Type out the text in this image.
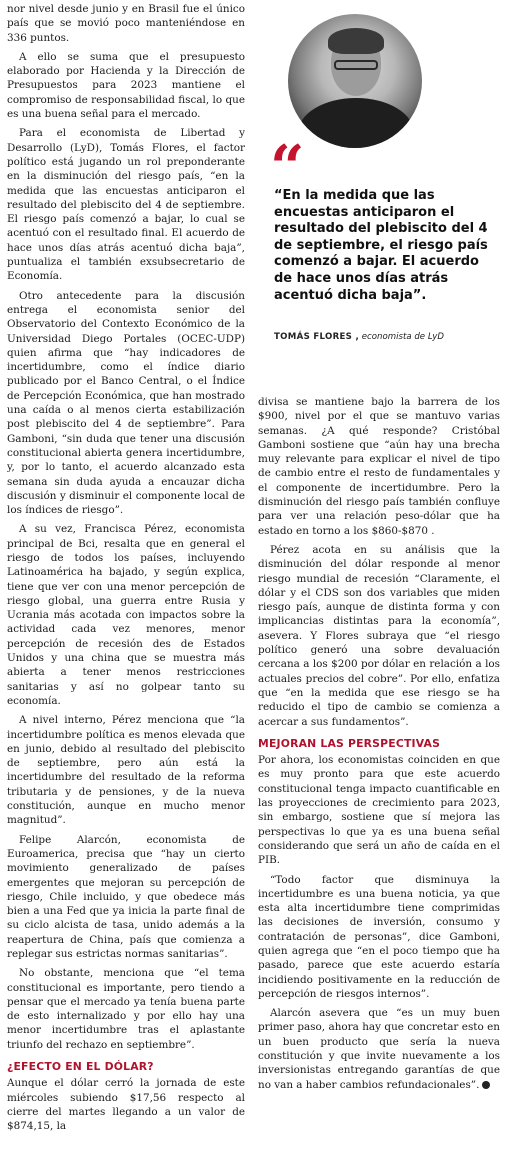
nor nivel desde junio y en Brasil fue el único país que se movió poco manteniéndose en 336 puntos.

A ello se suma que el presupuesto elaborado por Hacienda y la Dirección de Presupuestos para 2023 mantiene el compromiso de responsabilidad fiscal, lo que es una buena señal para el mercado.

Para el economista de Libertad y Desarrollo (LyD), Tomás Flores, el factor político está jugando un rol preponderante en la disminución del riesgo país, “en la medida que las encuestas anticiparon el resultado del plebiscito del 4 de septiembre. El riesgo país comenzó a bajar, lo cual se acentuó con el resultado final. El acuerdo de hace unos días atrás acentuó dicha baja”, puntualiza el también exsubsecretario de Economía.

Otro antecedente para la discusión entrega el economista senior del Observatorio del Contexto Económico de la Universidad Diego Portales (OCEC-UDP) quien afirma que “hay indicadores de incertidumbre, como el índice diario publicado por el Banco Central, o el Índice de Percepción Económica, que han mostrado una caída o al menos cierta estabilización post plebiscito del 4 de septiembre”. Para Gamboni, “sin duda que tener una discusión constitucional abierta genera incertidumbre, y, por lo tanto, el acuerdo alcanzado esta semana sin duda ayuda a encauzar dicha discusión y disminuir el componente local de los índices de riesgo”.

A su vez, Francisca Pérez, economista principal de Bci, resalta que en general el riesgo de todos los países, incluyendo Latinoamérica ha bajado, y según explica, tiene que ver con una menor percepción de riesgo global, una guerra entre Rusia y Ucrania más acotada con impactos sobre la actividad cada vez menores, menor percepción de recesión des de Estados Unidos y una china que se muestra más abierta a tener menos restricciones sanitarias y así no golpear tanto su economía.

A nivel interno, Pérez menciona que “la incertidumbre política es menos elevada que en junio, debido al resultado del plebiscito de septiembre, pero aún está la incertidumbre del resultado de la reforma tributaria y de pensiones, y de la nueva constitución, aunque en mucho menor magnitud”.

Felipe Alarcón, economista de Euroamerica, precisa que “hay un cierto movimiento generalizado de países emergentes que mejoran su percepción de riesgo, Chile incluido, y que obedece más bien a una Fed que ya inicia la parte final de su ciclo alcista de tasa, unido además a la reapertura de China, país que comienza a replegar sus estrictas normas sanitarias”.

No obstante, menciona que “el tema constitucional es importante, pero tiendo a pensar que el mercado ya tenía buena parte de esto internalizado y por ello hay una menor incertidumbre tras el aplastante triunfo del rechazo en septiembre”.

¿EFECTO EN EL DÓLAR?

Aunque el dólar cerró la jornada de este miércoles subiendo $17,56 respecto al cierre del martes llegando a un valor de $874,15, la

“

“En la medida que las encuestas anticiparon el resultado del plebiscito del 4 de septiembre, el riesgo país comenzó a bajar. El acuerdo de hace unos días atrás acentuó dicha baja”.

TOMÁS FLORES , economista de LyD

divisa se mantiene bajo la barrera de los $900, nivel por el que se mantuvo varias semanas. ¿A qué responde? Cristóbal Gamboni sostiene que “aún hay una brecha muy relevante para explicar el nivel de tipo de cambio entre el resto de fundamentales y el componente de incertidumbre. Pero la disminución del riesgo país también confluye para ver una relación peso-dólar que ha estado en torno a los $860-$870 .

Pérez acota en su análisis que la disminución del dólar responde al menor riesgo mundial de recesión “Claramente, el dólar y el CDS son dos variables que miden riesgo país, aunque de distinta forma y con implicancias distintas para la economía”, asevera. Y Flores subraya que “el riesgo político generó una sobre devaluación cercana a los $200 por dólar en relación a los actuales precios del cobre”. Por ello, enfatiza que “en la medida que ese riesgo se ha reducido el tipo de cambio se comienza a acercar a sus fundamentos”.

MEJORAN LAS PERSPECTIVAS

Por ahora, los economistas coinciden en que es muy pronto para que este acuerdo constitucional tenga impacto cuantificable en las proyecciones de crecimiento para 2023, sin embargo, sostiene que sí mejora las perspectivas lo que ya es una buena señal considerando que será un año de caída en el PIB.

“Todo factor que disminuya la incertidumbre es una buena noticia, ya que esta alta incertidumbre tiene comprimidas las decisiones de inversión, consumo y contratación de personas”, dice Gamboni, quien agrega que “en el poco tiempo que ha pasado, parece que este acuerdo estaría incidiendo positivamente en la reducción de percepción de riesgos internos”.

Alarcón asevera que “es un muy buen primer paso, ahora hay que concretar esto en un buen producto que sería la nueva constitución y que invite nuevamente a los inversionistas entregando garantías de que no van a haber cambios refundacionales”.
